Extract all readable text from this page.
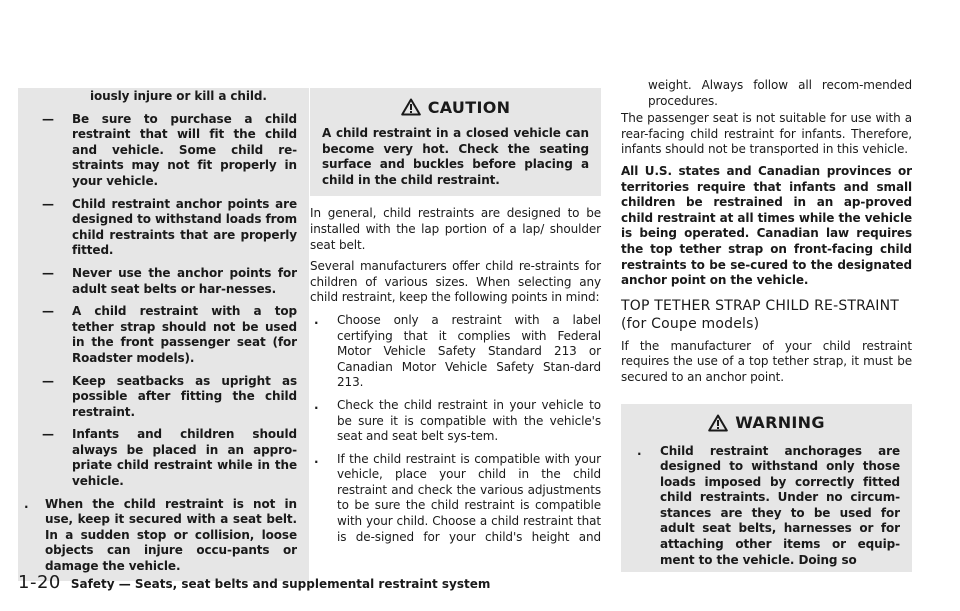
iously injure or kill a child.

—	Be sure to purchase a child restraint that will fit the child and vehicle. Some child re-straints may not fit properly in your vehicle.

—	Child restraint anchor points are designed to withstand loads from child restraints that are properly fitted.

—	Never use the anchor points for adult seat belts or har-nesses.

—	A child restraint with a top tether strap should not be used in the front passenger seat (for Roadster models).

—	Keep seatbacks as upright as possible after fitting the child restraint.

—	Infants and children should always be placed in an appro-priate child restraint while in the vehicle.

. When the child restraint is not in use, keep it secured with a seat belt. In a sudden stop or collision, loose objects can injure occu-pants or damage the vehicle.

CAUTION

A child restraint in a closed vehicle can become very hot. Check the seating surface and buckles before placing a child in the child restraint.

In general, child restraints are designed to be installed with the lap portion of a lap/ shoulder seat belt.

Several manufacturers offer child re-straints for children of various sizes. When selecting any child restraint, keep the following points in mind:

. Choose only a restraint with a label certifying that it complies with Federal Motor Vehicle Safety Standard 213 or Canadian Motor Vehicle Safety Stan-dard 213.

. Check the child restraint in your vehicle to be sure it is compatible with the vehicle's seat and seat belt sys-tem.

. If the child restraint is compatible with your vehicle, place your child in the child restraint and check the various adjustments to be sure the child restraint is compatible with your child. Choose a child restraint that is de-signed for your child's height and

weight. Always follow all recom-mended procedures.

The passenger seat is not suitable for use with a rear-facing child restraint for infants. Therefore, infants should not be transported in this vehicle.

All U.S. states and Canadian provinces or territories require that infants and small children be restrained in an ap-proved child restraint at all times while the vehicle is being operated. Canadian law requires the top tether strap on front-facing child restraints to be se-cured to the designated anchor point on the vehicle.

TOP TETHER STRAP CHILD RE-STRAINT (for Coupe models)

If the manufacturer of your child restraint requires the use of a top tether strap, it must be secured to an anchor point.

WARNING
. Child restraint anchorages are designed to withstand only those loads imposed by correctly fitted child restraints. Under no circum-stances are they to be used for adult seat belts, harnesses or for attaching other items or equip-ment to the vehicle. Doing so

1-20 Safety — Seats, seat belts and supplemental restraint system
